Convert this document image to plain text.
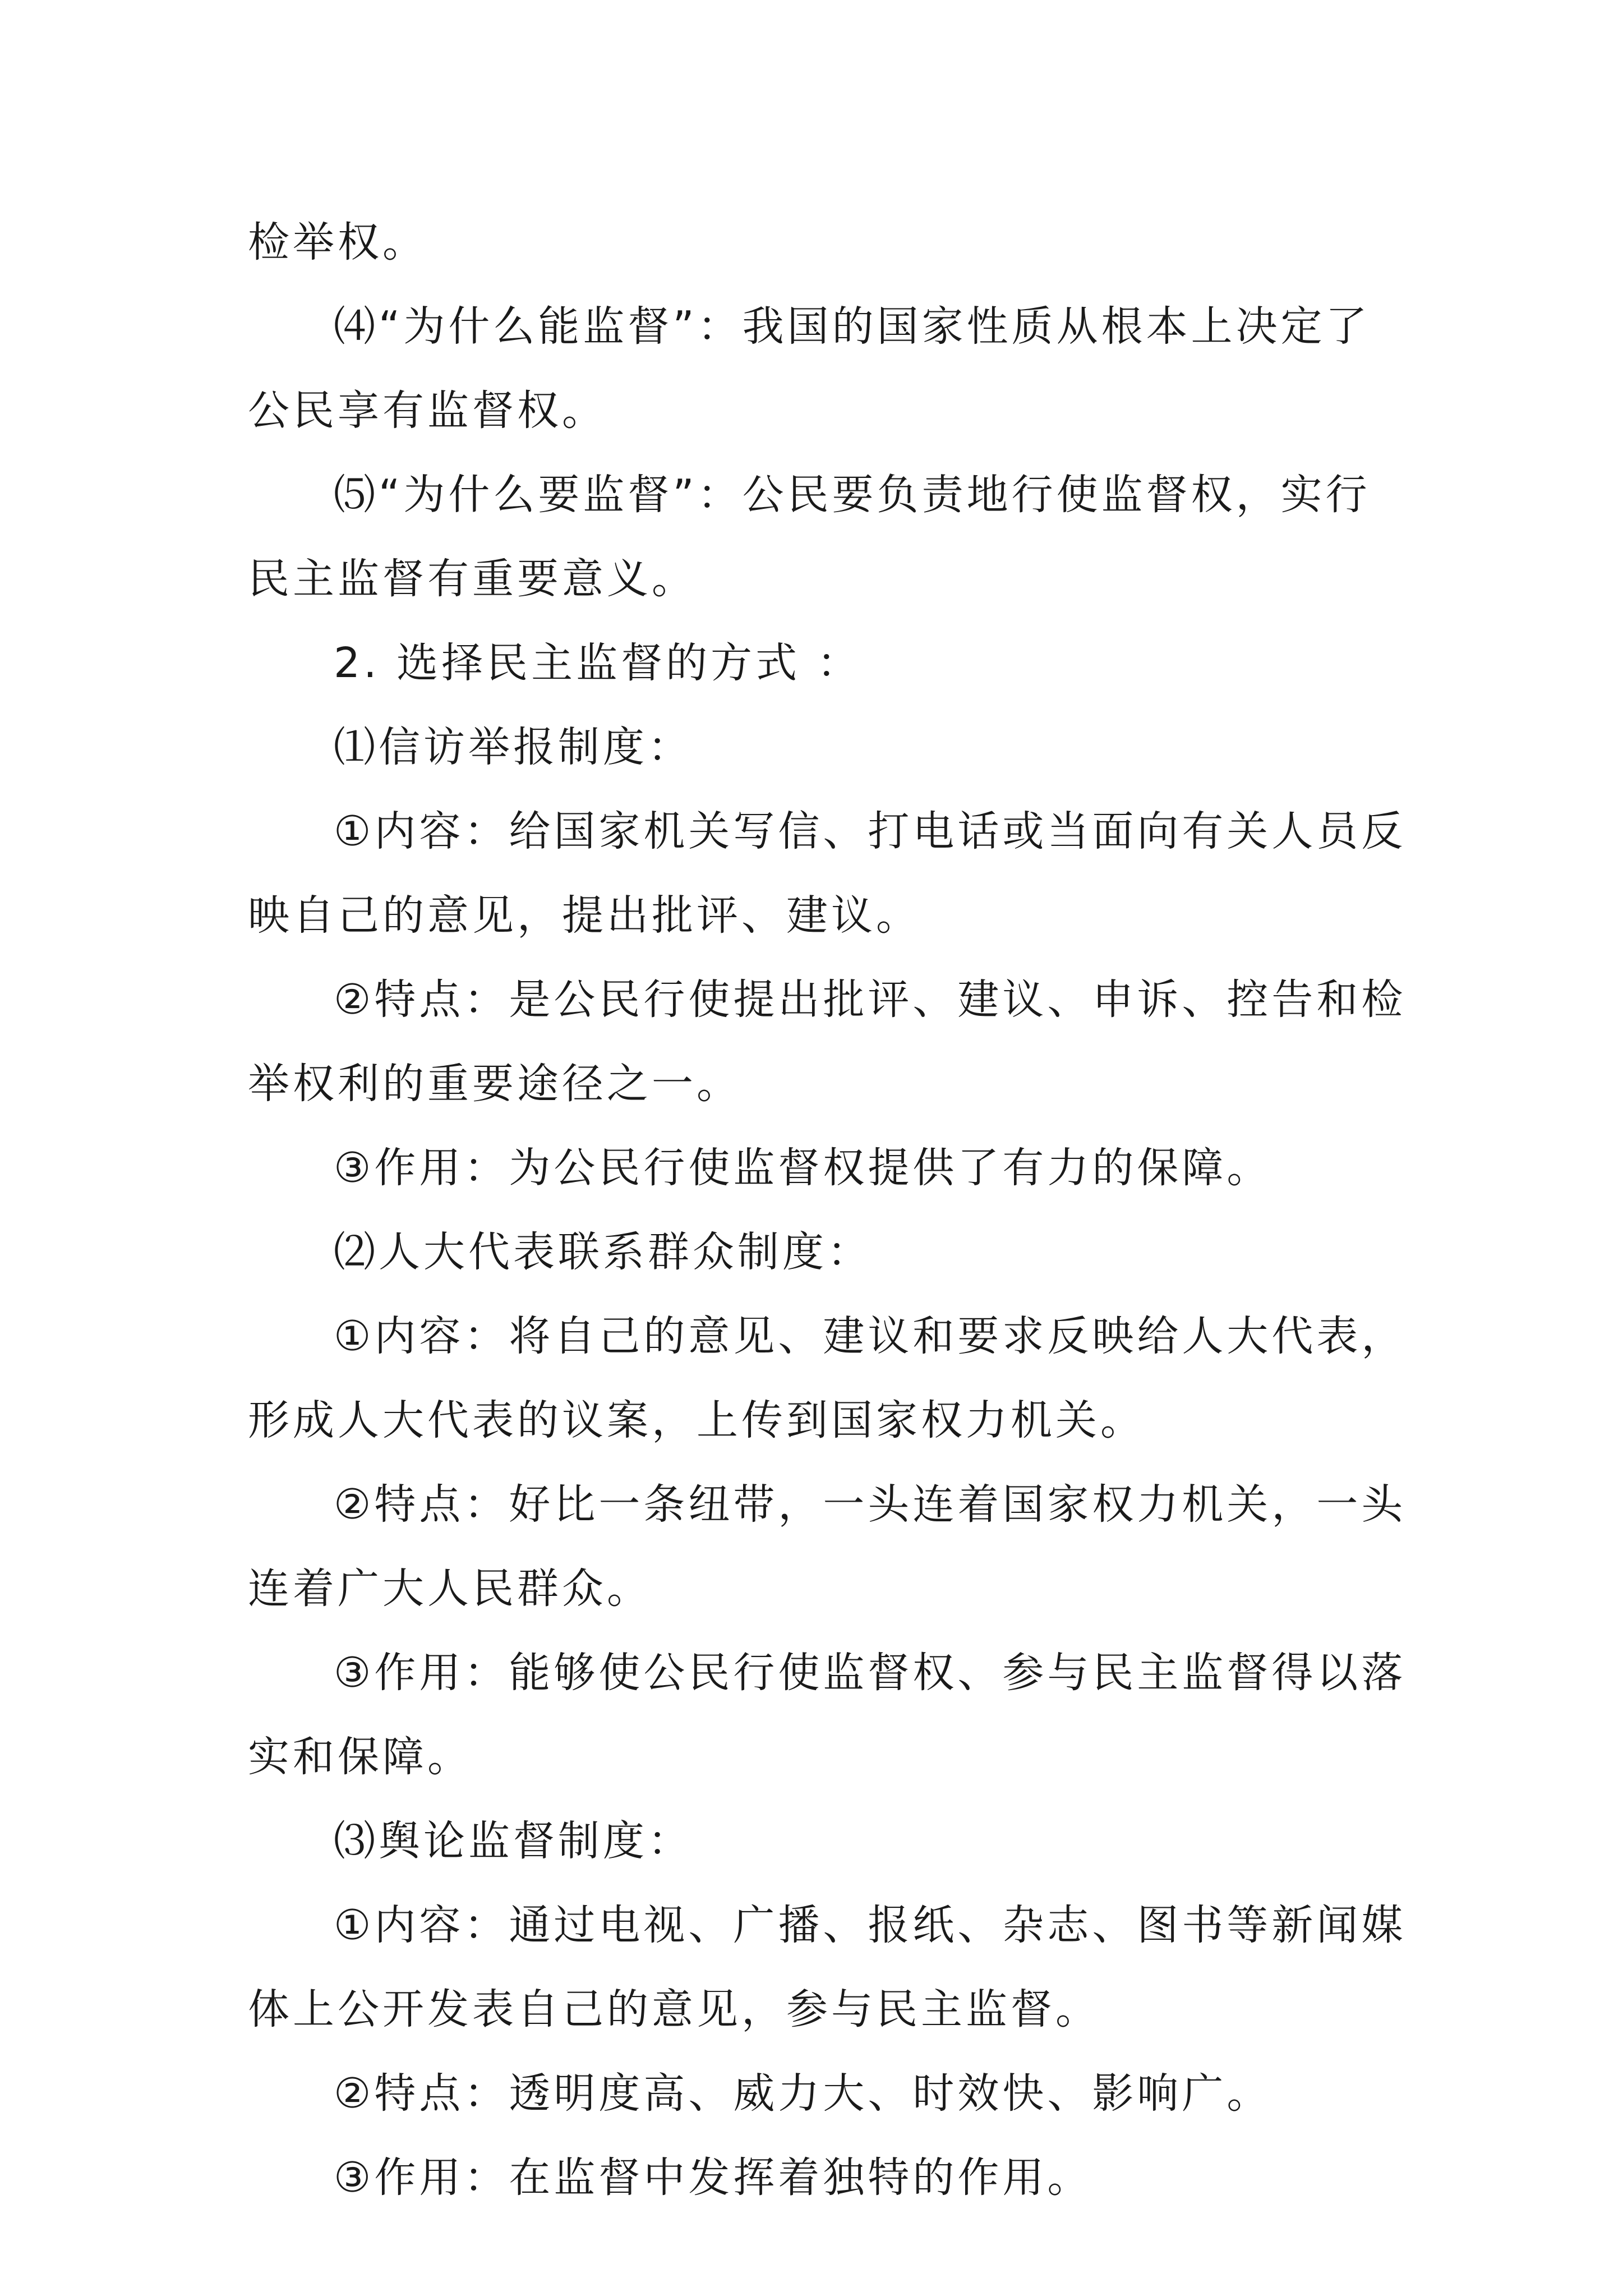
检举权。
⑷“为什么能监督”：我国的国家性质从根本上决定了
公民享有监督权。
⑸“为什么要监督”：公民要负责地行使监督权，实行
民主监督有重要意义。
2. 选择民主监督的方式 ：
⑴信访举报制度：
①内容：给国家机关写信、打电话或当面向有关人员反
映自己的意见，提出批评、建议。
②特点：是公民行使提出批评、建议、申诉、控告和检
举权利的重要途径之一。
③作用：为公民行使监督权提供了有力的保障。
⑵人大代表联系群众制度：
①内容：将自己的意见、建议和要求反映给人大代表，
形成人大代表的议案，上传到国家权力机关。
②特点：好比一条纽带，一头连着国家权力机关，一头
连着广大人民群众。
③作用：能够使公民行使监督权、参与民主监督得以落
实和保障。
⑶舆论监督制度：
①内容：通过电视、广播、报纸、杂志、图书等新闻媒
体上公开发表自己的意见，参与民主监督。
②特点：透明度高、威力大、时效快、影响广。
③作用：在监督中发挥着独特的作用。
